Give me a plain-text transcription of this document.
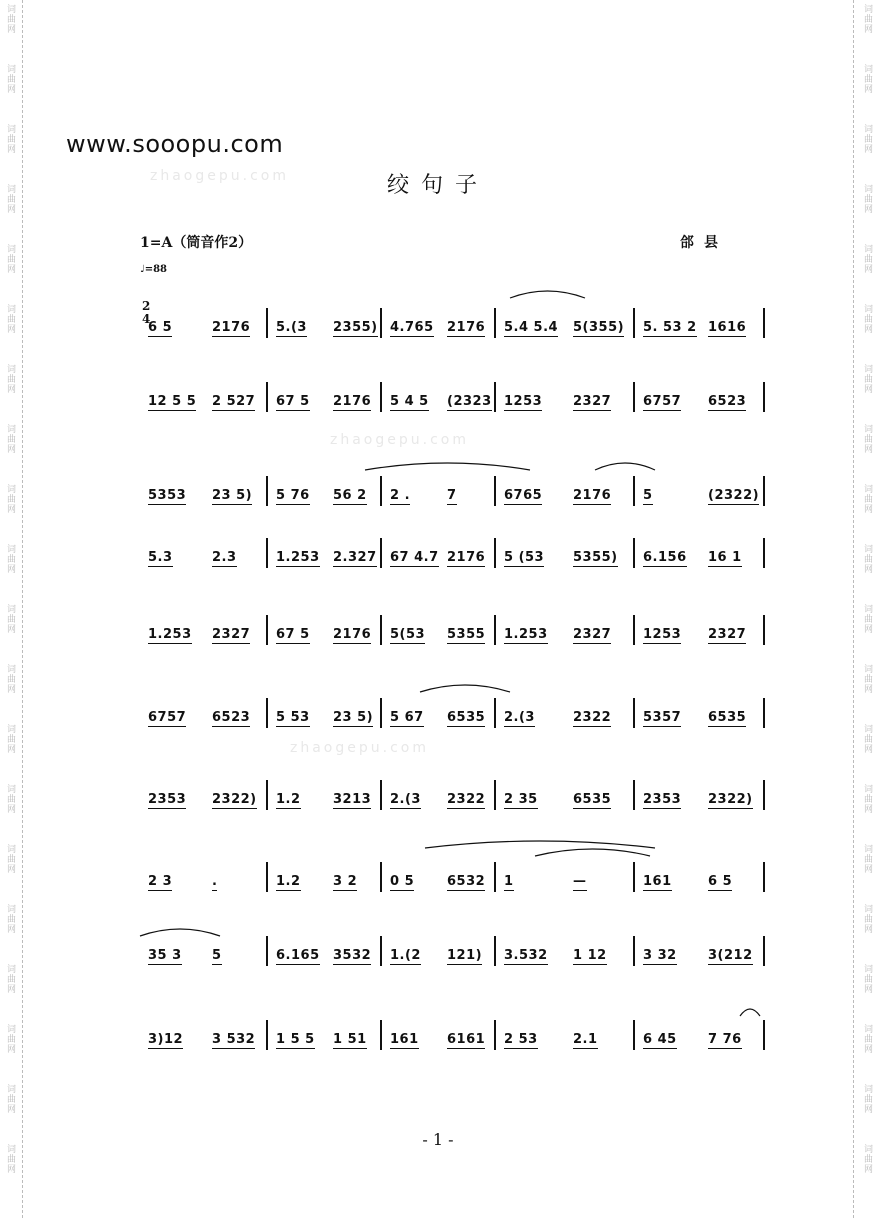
www.sooopu.com
绞句子
1=A（筒音作2）	郃县
♩=88
2
4
zhaogepu.com
zhaogepu.com
zhaogepu.com
6 5	2176 5.(3 2355) 4.765 2176 5.4 5.4 5(355) 5. 53 2 1616
12 5 5 2 527 67 5 2176 5 4 5 (2323 1253 2327 6757 6523
5353 23 5) 5 76 56 2 2 .	7	6765 2176 5	(2322)
5.3	2.3	1.253 2.327 67 4.7 2176 5 (53 5355) 6.156 16 1
1.253 2327 67 5 2176 5(53 5355 1.253 2327 1253 2327
6757 6523 5 53 23 5) 5 67 6535 2.(3	2322 5357 6535
2353 2322) 1.2 3213 2.(3 2322 2 35	6535 2353 2322)
2 3	.	1.2 3 2	0 5	6532 1	—	161	6 5
35 3 5	6.165 3532 1.(2 121) 3.532 1 12	3 32 3(212
3)12 3 532 1 5 5 1 51 161 6161 2 53	2.1	6 45 7 76
- 1 -
词曲网
词曲网
词曲网
词曲网
词曲网
词曲网
词曲网
词曲网
词曲网
词曲网
词曲网
词曲网
词曲网
词曲网
词曲网
词曲网
词曲网
词曲网
词曲网
词曲网
词曲网
词曲网
词曲网
词曲网
词曲网
词曲网
词曲网
词曲网
词曲网
词曲网
词曲网
词曲网
词曲网
词曲网
词曲网
词曲网
词曲网
词曲网
词曲网
词曲网
